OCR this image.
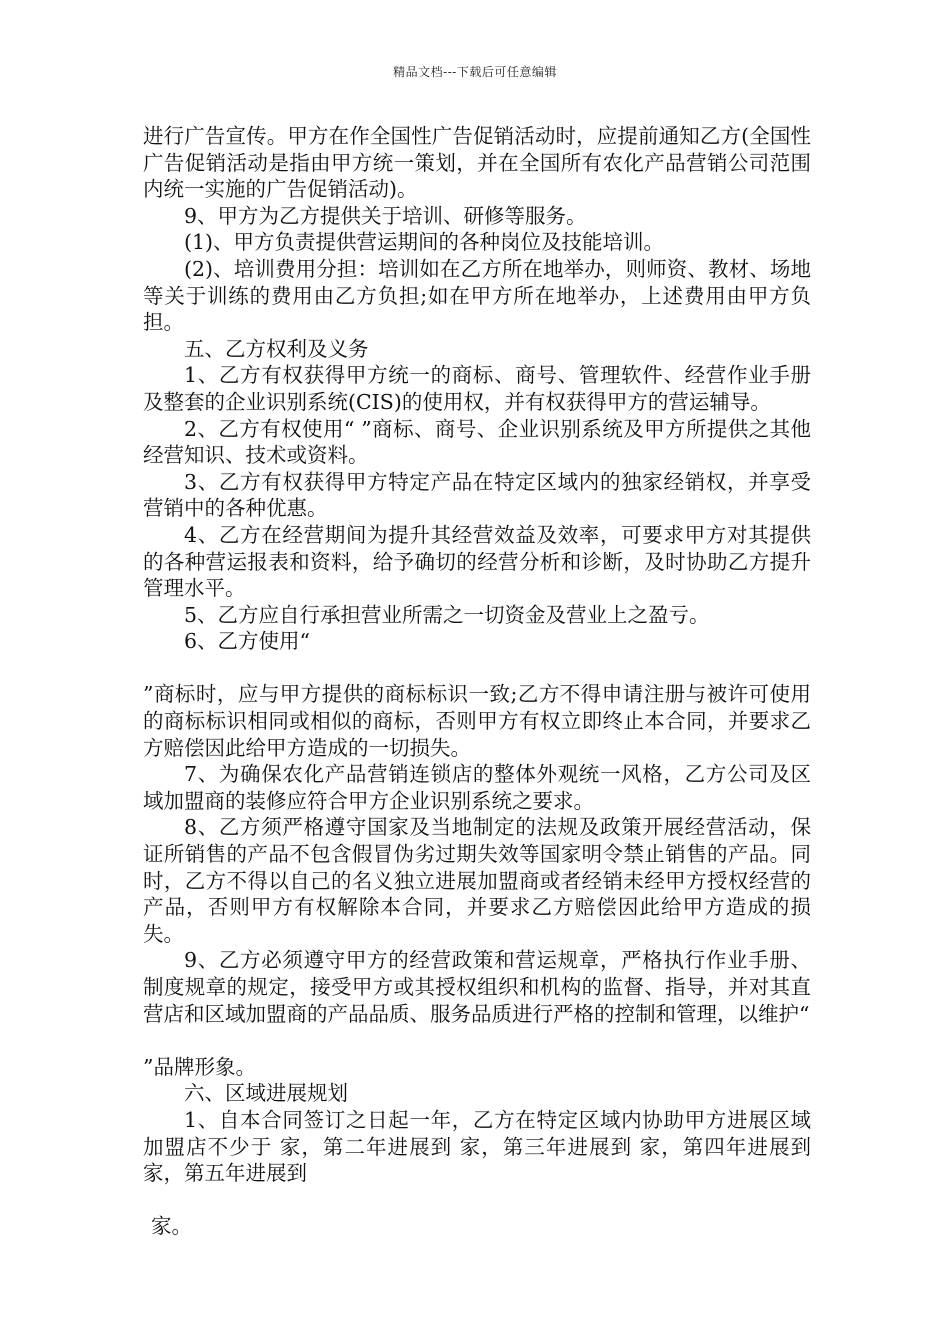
精品文档---下载后可任意编辑

进行广告宣传。甲方在作全国性广告促销活动时，应提前通知乙方(全国性广告促销活动是指由甲方统一策划，并在全国所有农化产品营销公司范围内统一实施的广告促销活动)。

9、甲方为乙方提供关于培训、研修等服务。

(1)、甲方负责提供营运期间的各种岗位及技能培训。

(2)、培训费用分担：培训如在乙方所在地举办，则师资、教材、场地等关于训练的费用由乙方负担;如在甲方所在地举办，上述费用由甲方负担。

五、乙方权利及义务

1、乙方有权获得甲方统一的商标、商号、管理软件、经营作业手册及整套的企业识别系统(CIS)的使用权，并有权获得甲方的营运辅导。

2、乙方有权使用“ ”商标、商号、企业识别系统及甲方所提供之其他经营知识、技术或资料。

3、乙方有权获得甲方特定产品在特定区域内的独家经销权，并享受营销中的各种优惠。

4、乙方在经营期间为提升其经营效益及效率，可要求甲方对其提供的各种营运报表和资料，给予确切的经营分析和诊断，及时协助乙方提升管理水平。

5、乙方应自行承担营业所需之一切资金及营业上之盈亏。

6、乙方使用“

”商标时，应与甲方提供的商标标识一致;乙方不得申请注册与被许可使用的商标标识相同或相似的商标，否则甲方有权立即终止本合同，并要求乙方赔偿因此给甲方造成的一切损失。

7、为确保农化产品营销连锁店的整体外观统一风格，乙方公司及区域加盟商的装修应符合甲方企业识别系统之要求。

8、乙方须严格遵守国家及当地制定的法规及政策开展经营活动，保证所销售的产品不包含假冒伪劣过期失效等国家明令禁止销售的产品。同时，乙方不得以自己的名义独立进展加盟商或者经销未经甲方授权经营的产品，否则甲方有权解除本合同，并要求乙方赔偿因此给甲方造成的损失。

9、乙方必须遵守甲方的经营政策和营运规章，严格执行作业手册、制度规章的规定，接受甲方或其授权组织和机构的监督、指导，并对其直营店和区域加盟商的产品品质、服务品质进行严格的控制和管理，以维护“

”品牌形象。

六、区域进展规划

1、自本合同签订之日起一年，乙方在特定区域内协助甲方进展区域加盟店不少于 家，第二年进展到 家，第三年进展到 家，第四年进展到 家，第五年进展到

家。
